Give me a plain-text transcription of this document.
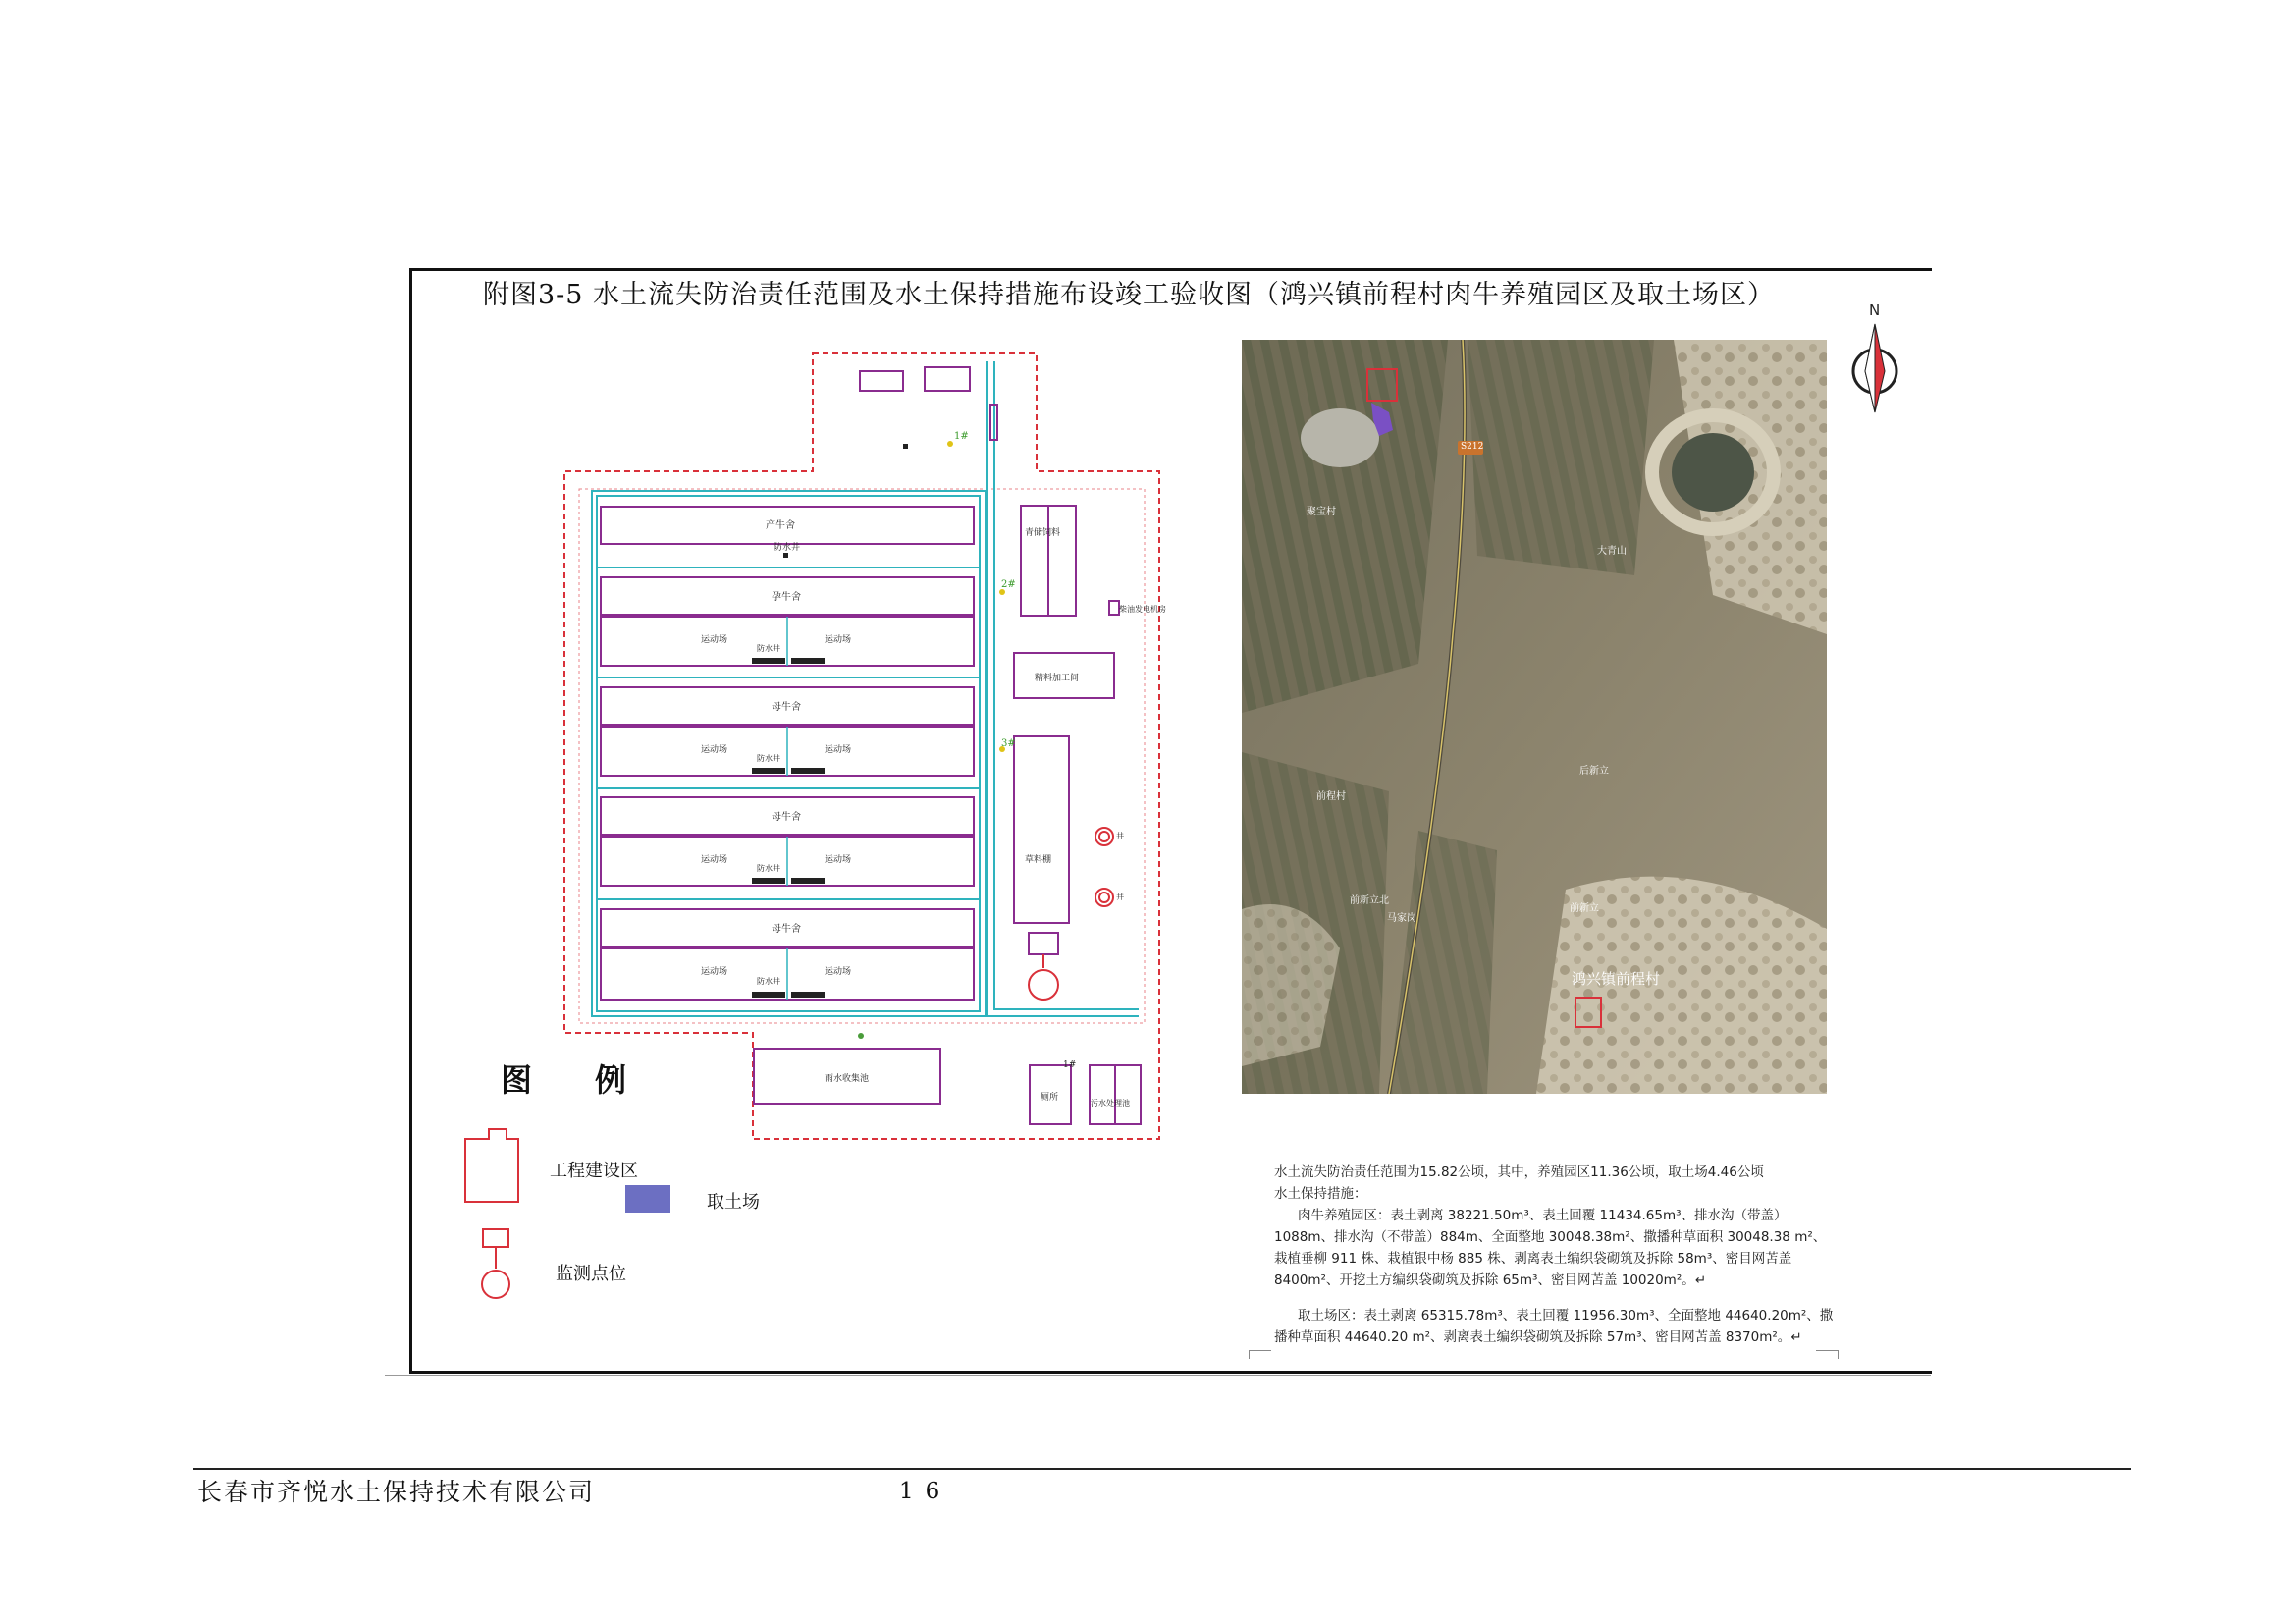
附图3-5 水土流失防治责任范围及水土保持措施布设竣工验收图（鸿兴镇前程村肉牛养殖园区及取土场区）
产牛舍
防水井
孕牛舍
母牛舍
母牛舍
母牛舍
运动场	运动场
运动场	运动场
运动场	运动场
运动场	运动场
防水井
防水井
防水井
防水井
青储饲料
柴油发电机房
精料加工间
草料棚
雨水收集池
厕所
污水处理池
井
井
1#
2#
3#
1#
S212
聚宝村
大青山
前程村
后新立
前新立
前新立北
马家岗
鸿兴镇前程村
N
图　　例
工程建设区
取土场
监测点位

水土流失防治责任范围为15.82公顷，其中，养殖园区11.36公顷，取土场4.46公顷

水土保持措施：

肉牛养殖园区：表土剥离 38221.50m³、表土回覆 11434.65m³、排水沟（带盖）1088m、排水沟（不带盖）884m、全面整地 30048.38m²、撒播种草面积 30048.38 m²、栽植垂柳 911 株、栽植银中杨 885 株、剥离表土编织袋砌筑及拆除 58m³、密目网苫盖 8400m²、开挖土方编织袋砌筑及拆除 65m³、密目网苫盖 10020m²。↵

取土场区：表土剥离 65315.78m³、表土回覆 11956.30m³、全面整地 44640.20m²、撒播种草面积 44640.20 m²、剥离表土编织袋砌筑及拆除 57m³、密目网苫盖 8370m²。↵

长春市齐悦水土保持技术有限公司	16
